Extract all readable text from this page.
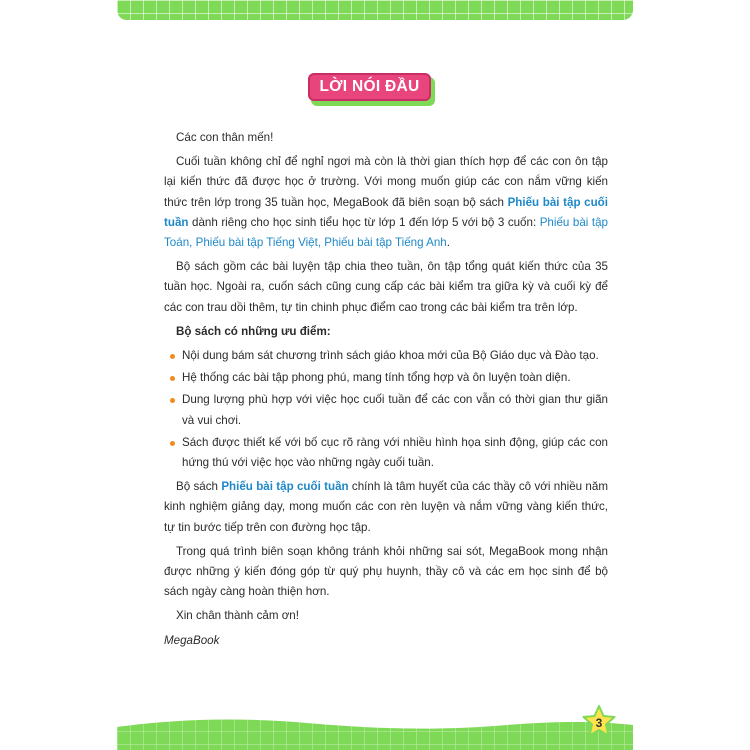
LỜI NÓI ĐẦU

Các con thân mến!

Cuối tuần không chỉ để nghỉ ngơi mà còn là thời gian thích hợp để các con ôn tập lại kiến thức đã được học ở trường. Với mong muốn giúp các con nắm vững kiến thức trên lớp trong 35 tuần học, MegaBook đã biên soạn bộ sách Phiếu bài tập cuối tuần dành riêng cho học sinh tiểu học từ lớp 1 đến lớp 5 với bộ 3 cuốn: Phiếu bài tập Toán, Phiếu bài tập Tiếng Việt, Phiếu bài tập Tiếng Anh.

Bộ sách gồm các bài luyện tập chia theo tuần, ôn tập tổng quát kiến thức của 35 tuần học. Ngoài ra, cuốn sách cũng cung cấp các bài kiểm tra giữa kỳ và cuối kỳ để các con trau dồi thêm, tự tin chinh phục điểm cao trong các bài kiểm tra trên lớp.

Bộ sách có những ưu điểm:

Nội dung bám sát chương trình sách giáo khoa mới của Bộ Giáo dục và Đào tạo.
Hệ thống các bài tập phong phú, mang tính tổng hợp và ôn luyện toàn diện.
Dung lượng phù hợp với việc học cuối tuần để các con vẫn có thời gian thư giãn và vui chơi.
Sách được thiết kế với bố cục rõ ràng với nhiều hình họa sinh động, giúp các con hứng thú với việc học vào những ngày cuối tuần.

Bộ sách Phiếu bài tập cuối tuần chính là tâm huyết của các thầy cô với nhiều năm kinh nghiệm giảng dạy, mong muốn các con rèn luyện và nắm vững vàng kiến thức, tự tin bước tiếp trên con đường học tập.

Trong quá trình biên soạn không tránh khỏi những sai sót, MegaBook mong nhận được những ý kiến đóng góp từ quý phụ huynh, thầy cô và các em học sinh để bộ sách ngày càng hoàn thiện hơn.

Xin chân thành cảm ơn!

MegaBook

3
